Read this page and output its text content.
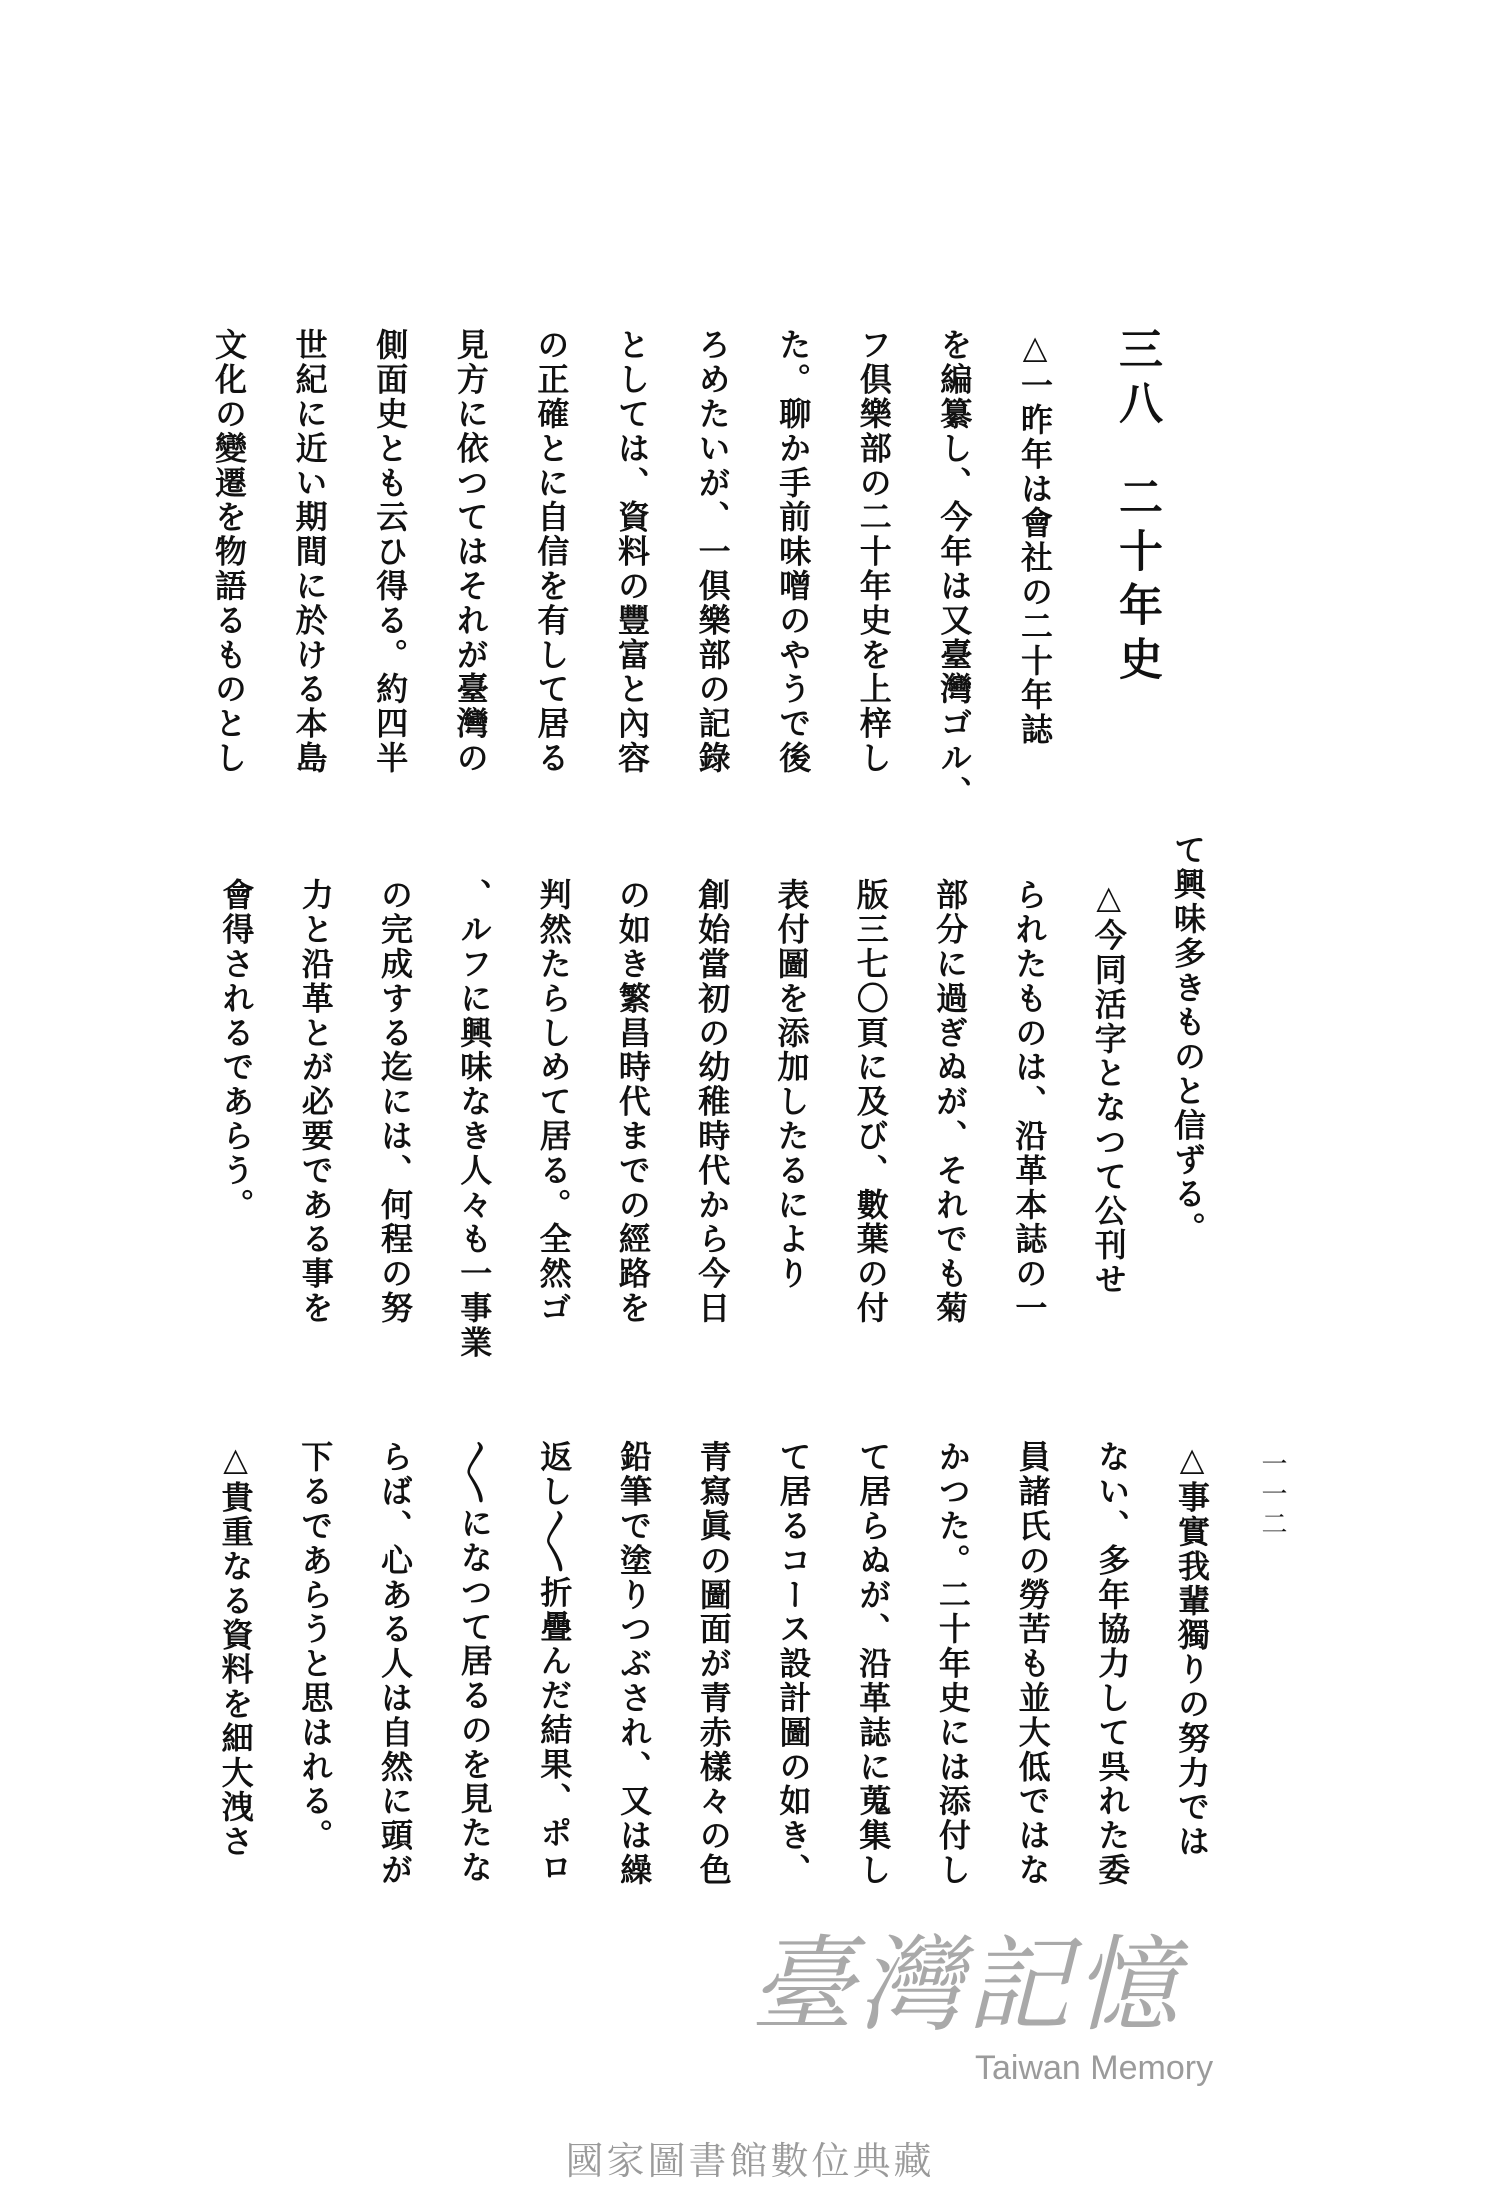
一一二
三八二十年史
△一昨年は會社の二十年誌
を編纂し、今年は又臺灣ゴル、
フ倶樂部の二十年史を上梓し
た。聊か手前味噌のやうで後
ろめたいが、一倶樂部の記錄
としては、資料の豐富と內容
の正確とに自信を有して居る
見方に依つてはそれが臺灣の
側面史とも云ひ得る。約四半
世紀に近い期間に於ける本島
文化の變遷を物語るものとし
て興味多きものと信ずる。
△今同活字となつて公刊せ
られたものは、沿革本誌の一
部分に過ぎぬが、それでも菊
版三七〇頁に及び、數葉の付
表付圖を添加したるにより
創始當初の幼稚時代から今日
の如き繁昌時代までの經路を
判然たらしめて居る。全然ゴ
、ルフに興味なき人々も一事業
の完成する迄には、何程の努
力と沿革とが必要である事を
會得されるであらう。
△事實我輩獨りの努力では
ない、多年協力して呉れた委
員諸氏の勞苦も並大低ではな
かつた。二十年史には添付し
て居らぬが、沿革誌に蒐集し
て居るコース設計圖の如き、
青寫眞の圖面が青赤樣々の色
鉛筆で塗りつぶされ、又は繰
返し〱折疊んだ結果、ポロ
〱になつて居るのを見たな
らば、心ある人は自然に頭が
下るであらうと思はれる。
△貴重なる資料を細大洩さ
臺灣記憶
Taiwan Memory
國家圖書館數位典藏
